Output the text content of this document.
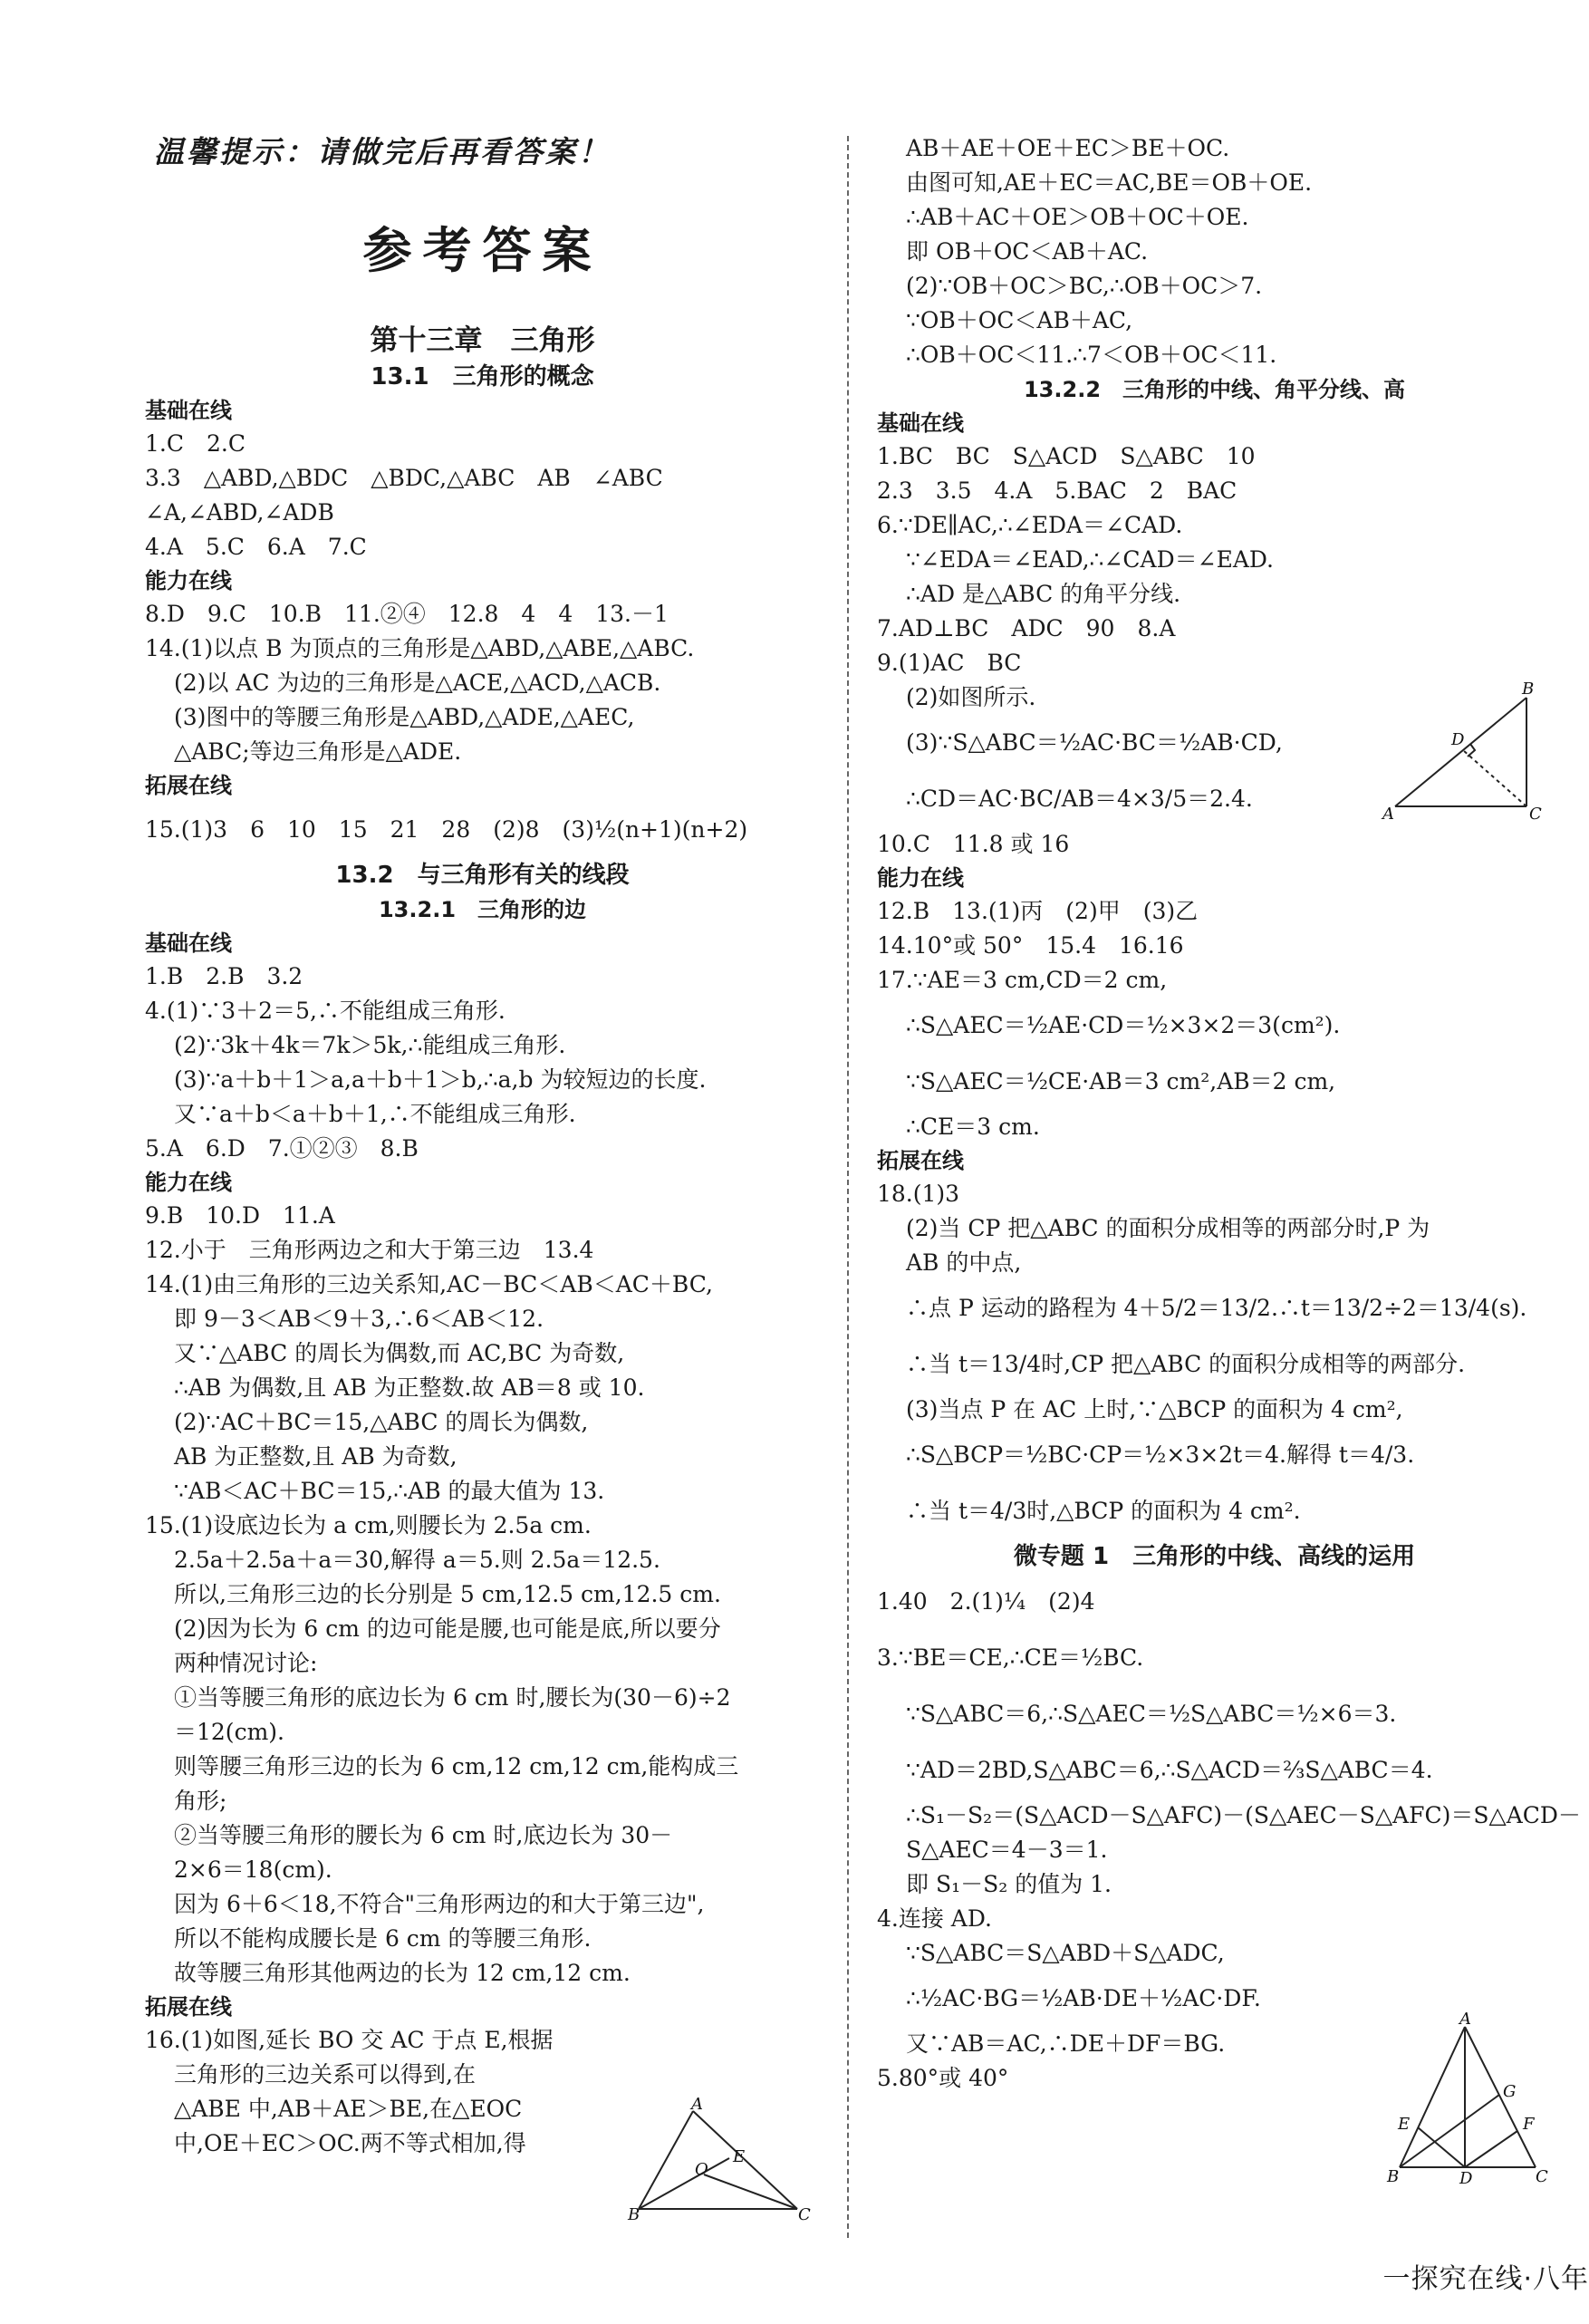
温馨提示：请做完后再看答案！
参考答案
第十三章　三角形
13.1　三角形的概念
基础在线
1.C　2.C
3.3　△ABD,△BDC　△BDC,△ABC　AB　∠ABC
∠A,∠ABD,∠ADB
4.A　5.C　6.A　7.C
能力在线
8.D　9.C　10.B　11.②④　12.8　4　4　13.－1
14.(1)以点 B 为顶点的三角形是△ABD,△ABE,△ABC.
(2)以 AC 为边的三角形是△ACE,△ACD,△ACB.
(3)图中的等腰三角形是△ABD,△ADE,△AEC,
△ABC;等边三角形是△ADE.
拓展在线
15.(1)3　6　10　15　21　28　(2)8　(3)½(n+1)(n+2)
13.2　与三角形有关的线段
13.2.1　三角形的边
基础在线
1.B　2.B　3.2
4.(1)∵3＋2＝5,∴不能组成三角形.
(2)∵3k＋4k＝7k＞5k,∴能组成三角形.
(3)∵a＋b＋1＞a,a＋b＋1＞b,∴a,b 为较短边的长度.
又∵a＋b＜a＋b＋1,∴不能组成三角形.
5.A　6.D　7.①②③　8.B
能力在线
9.B　10.D　11.A
12.小于　三角形两边之和大于第三边　13.4
14.(1)由三角形的三边关系知,AC－BC＜AB＜AC＋BC,
即 9－3＜AB＜9＋3,∴6＜AB＜12.
又∵△ABC 的周长为偶数,而 AC,BC 为奇数,
∴AB 为偶数,且 AB 为正整数.故 AB＝8 或 10.
(2)∵AC＋BC＝15,△ABC 的周长为偶数,
AB 为正整数,且 AB 为奇数,
∵AB＜AC＋BC＝15,∴AB 的最大值为 13.
15.(1)设底边长为 a cm,则腰长为 2.5a cm.
2.5a＋2.5a＋a＝30,解得 a＝5.则 2.5a＝12.5.
所以,三角形三边的长分别是 5 cm,12.5 cm,12.5 cm.
(2)因为长为 6 cm 的边可能是腰,也可能是底,所以要分
两种情况讨论:
①当等腰三角形的底边长为 6 cm 时,腰长为(30－6)÷2
＝12(cm).
则等腰三角形三边的长为 6 cm,12 cm,12 cm,能构成三
角形;
②当等腰三角形的腰长为 6 cm 时,底边长为 30－
2×6＝18(cm).
因为 6＋6＜18,不符合"三角形两边的和大于第三边",
所以不能构成腰长是 6 cm 的等腰三角形.
故等腰三角形其他两边的长为 12 cm,12 cm.
拓展在线
16.(1)如图,延长 BO 交 AC 于点 E,根据
三角形的三边关系可以得到,在
△ABE 中,AB＋AE＞BE,在△EOC
中,OE＋EC＞OC.两不等式相加,得
AB＋AE＋OE＋EC＞BE＋OC.
由图可知,AE＋EC＝AC,BE＝OB＋OE.
∴AB＋AC＋OE＞OB＋OC＋OE.
即 OB＋OC＜AB＋AC.
(2)∵OB＋OC＞BC,∴OB＋OC＞7.
∵OB＋OC＜AB＋AC,
∴OB＋OC＜11.∴7＜OB＋OC＜11.
13.2.2　三角形的中线、角平分线、高
基础在线
1.BC　BC　S△ACD　S△ABC　10
2.3　3.5　4.A　5.BAC　2　BAC
6.∵DE∥AC,∴∠EDA＝∠CAD.
∵∠EDA＝∠EAD,∴∠CAD＝∠EAD.
∴AD 是△ABC 的角平分线.
7.AD⊥BC　ADC　90　8.A
9.(1)AC　BC
(2)如图所示.
(3)∵S△ABC＝½AC·BC＝½AB·CD,
∴CD＝AC·BC/AB＝4×3/5＝2.4.
10.C　11.8 或 16
能力在线
12.B　13.(1)丙　(2)甲　(3)乙
14.10°或 50°　15.4　16.16
17.∵AE＝3 cm,CD＝2 cm,
∴S△AEC＝½AE·CD＝½×3×2＝3(cm²).
∵S△AEC＝½CE·AB＝3 cm²,AB＝2 cm,
∴CE＝3 cm.
拓展在线
18.(1)3
(2)当 CP 把△ABC 的面积分成相等的两部分时,P 为
AB 的中点,
∴点 P 运动的路程为 4＋5/2＝13/2.∴t＝13/2÷2＝13/4(s).
∴当 t＝13/4时,CP 把△ABC 的面积分成相等的两部分.
(3)当点 P 在 AC 上时,∵△BCP 的面积为 4 cm²,
∴S△BCP＝½BC·CP＝½×3×2t＝4.解得 t＝4/3.
∴当 t＝4/3时,△BCP 的面积为 4 cm².
微专题 1　三角形的中线、高线的运用
1.40　2.(1)¼　(2)4
3.∵BE＝CE,∴CE＝½BC.
∵S△ABC＝6,∴S△AEC＝½S△ABC＝½×6＝3.
∵AD＝2BD,S△ABC＝6,∴S△ACD＝⅔S△ABC＝4.
∴S₁－S₂＝(S△ACD－S△AFC)－(S△AEC－S△AFC)＝S△ACD－
S△AEC＝4－3＝1.
即 S₁－S₂ 的值为 1.
4.连接 AD.
∵S△ABC＝S△ABD＋S△ADC,
∴½AC·BG＝½AB·DE＋½AC·DF.
又∵AB＝AC,∴DE＋DF＝BG.
5.80°或 40°
A
O
E
B	C
B
D
A	C
A
E
G
F
B	D	C
一探究在线·八年
